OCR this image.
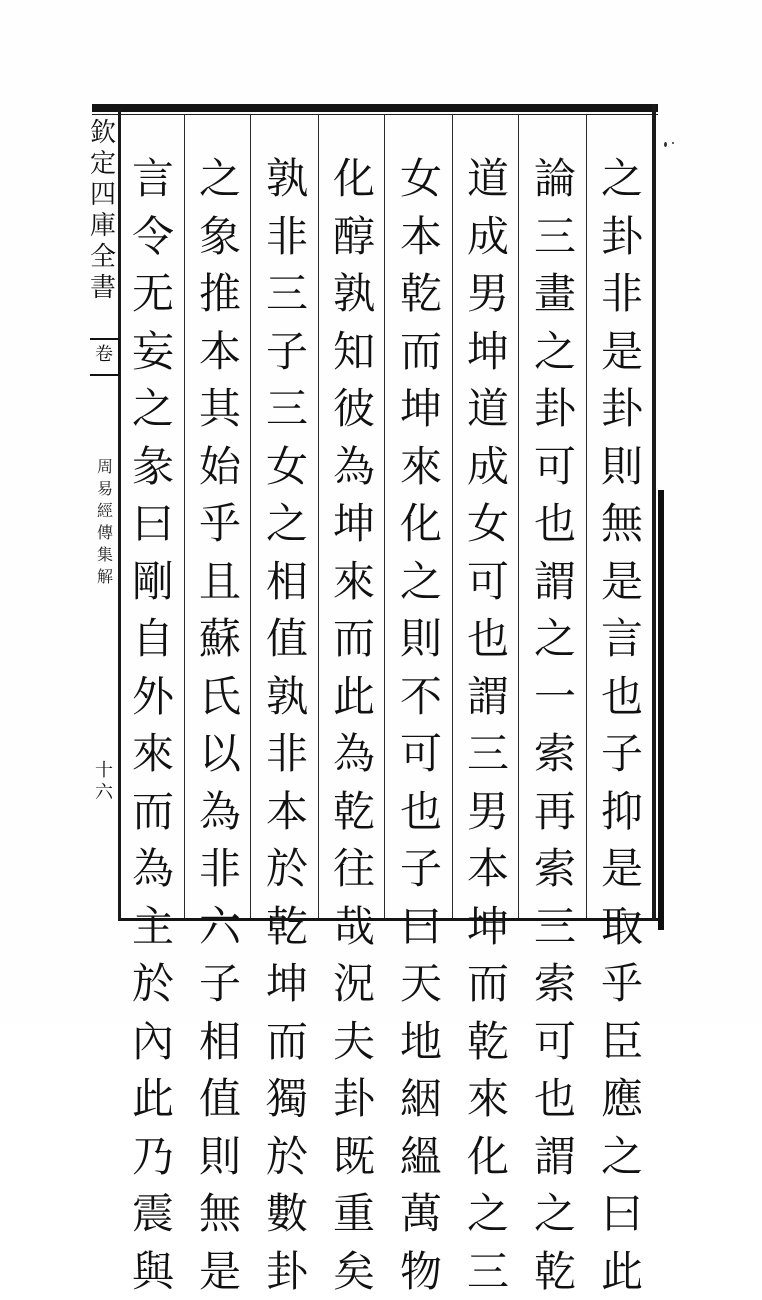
欽
定
四
庫
全
書
卷
周
易
經
傳
集
解
十六
之
卦
非
是
卦
則
無
是
言
也
子
抑
是
取
乎
臣
應
之
曰
此
論
三
畫
之
卦
可
也
謂
之
一
索
再
索
三
索
可
也
謂
之
乾
道
成
男
坤
道
成
女
可
也
謂
三
男
本
坤
而
乾
來
化
之
三
女
本
乾
而
坤
來
化
之
則
不
可
也
子
曰
天
地
絪
縕
萬
物
化
醇
孰
知
彼
為
坤
來
而
此
為
乾
往
哉
況
夫
卦
既
重
矣
孰
非
三
子
三
女
之
相
值
孰
非
本
於
乾
坤
而
獨
於
數
卦
之
象
推
本
其
始
乎
且
蘇
氏
以
為
非
六
子
相
值
則
無
是
言
令
无
妄
之
彖
曰
剛
自
外
來
而
為
主
於
內
此
乃
震
與
